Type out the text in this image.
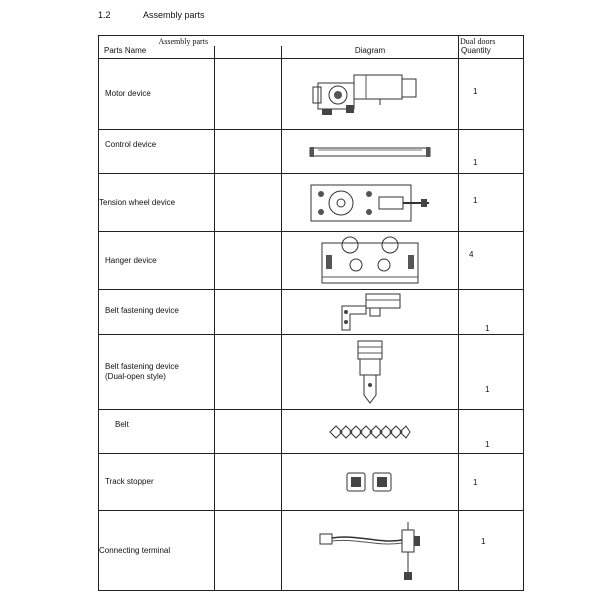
1.2	Assembly parts
	Assembly parts		Dual doors
Parts Name		Diagram	Quantity
Motor device			1

Control device			1

Tension wheel device			1

Hanger device			4

Belt fastening device			1

Belt fastening device
(Dual-open style)			1

Belt			1

Track stopper			1

Connecting terminal			1
